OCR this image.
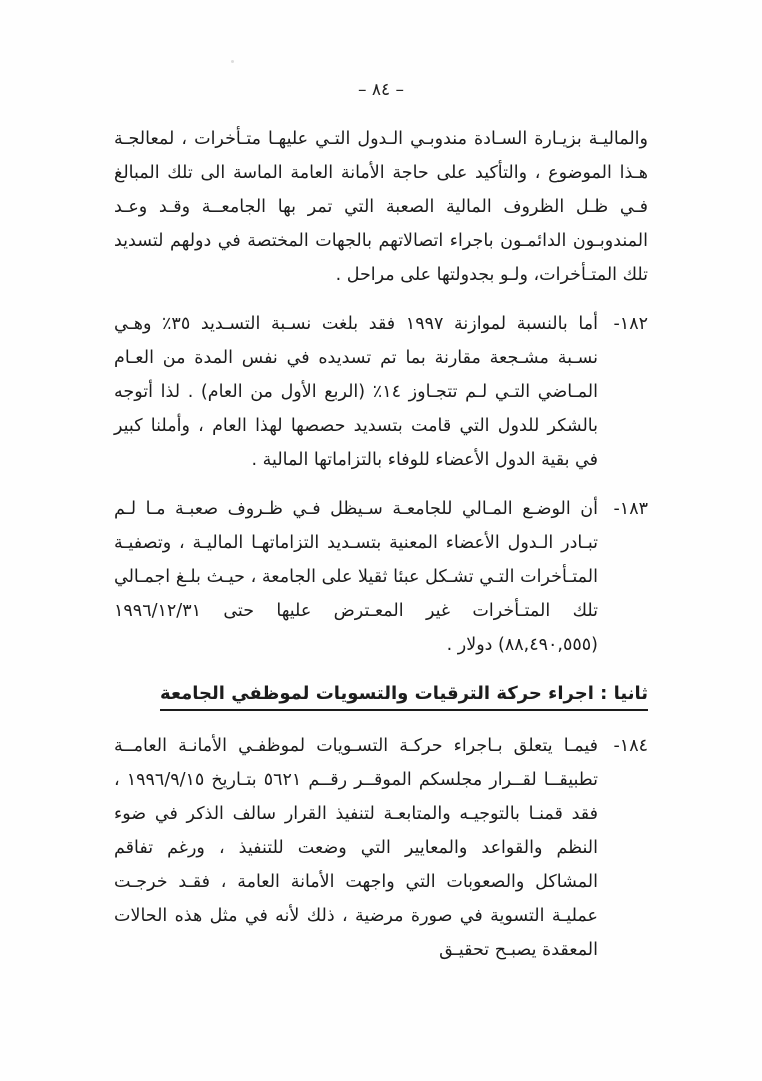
– ٨٤ –

والماليـة بزيـارة السـادة مندوبـي الـدول التـي عليهـا متـأخرات ، لمعالجـة هـذا الموضوع ، والتأكيد على حاجة الأمانة العامة الماسة الى تلك المبالغ فـي ظـل الظروف المالية الصعبة التي تمر بها الجامعــة وقـد وعـد المندوبـون الدائمـون باجراء اتصالاتهم بالجهات المختصة في دولهم لتسديد تلك المتـأخرات، ولـو بجدولتها على مراحل .

١٨٢-

أما بالنسبة لموازنة ١٩٩٧ فقد بلغت نسـبة التسـديد ٣٥٪ وهـي نسـبة مشـجعة مقارنة بما تم تسديده في نفس المدة من العـام المـاضي التـي لـم تتجـاوز ١٤٪ (الربع الأول من العام) . لذا أتوجه بالشكر للدول التي قامت بتسديد حصصها لهذا العام ، وأملنا كبير في بقية الدول الأعضاء للوفاء بالتزاماتها المالية .

١٨٣-

أن الوضـع المـالي للجامعـة سـيظل فـي ظـروف صعبـة مـا لـم تبـادر الـدول الأعضاء المعنية بتسـديد التزاماتهـا الماليـة ، وتصفيـة المتـأخرات التـي تشـكل عبئا ثقيلا على الجامعة ، حيـث بلـغ اجمـالي تلك المتـأخرات غير المعـترض عليها حتى ١٩٩٦/١٢/٣١ (٨٨,٤٩٠,٥٥٥) دولار .

ثانيا : اجراء حركة الترقيات والتسويات لموظفي الجامعة
١٨٤-

فيمـا يتعلق بـاجراء حركـة التسـويات لموظفـي الأمانـة العامــة تطبيقــا لقــرار مجلسكم الموقــر رقــم ٥٦٢١ بتـاريخ ١٩٩٦/٩/١٥ ، فقد قمنـا بالتوجيـه والمتابعـة لتنفيذ القرار سالف الذكر في ضوء النظم والقواعد والمعايير التي وضعت للتنفيذ ، ورغم تفاقم المشاكل والصعوبات التي واجهت الأمانة العامة ، فقـد خرجـت عمليـة التسوية في صورة مرضية ، ذلك لأنه في مثل هذه الحالات المعقدة يصبـح تحقيـق
